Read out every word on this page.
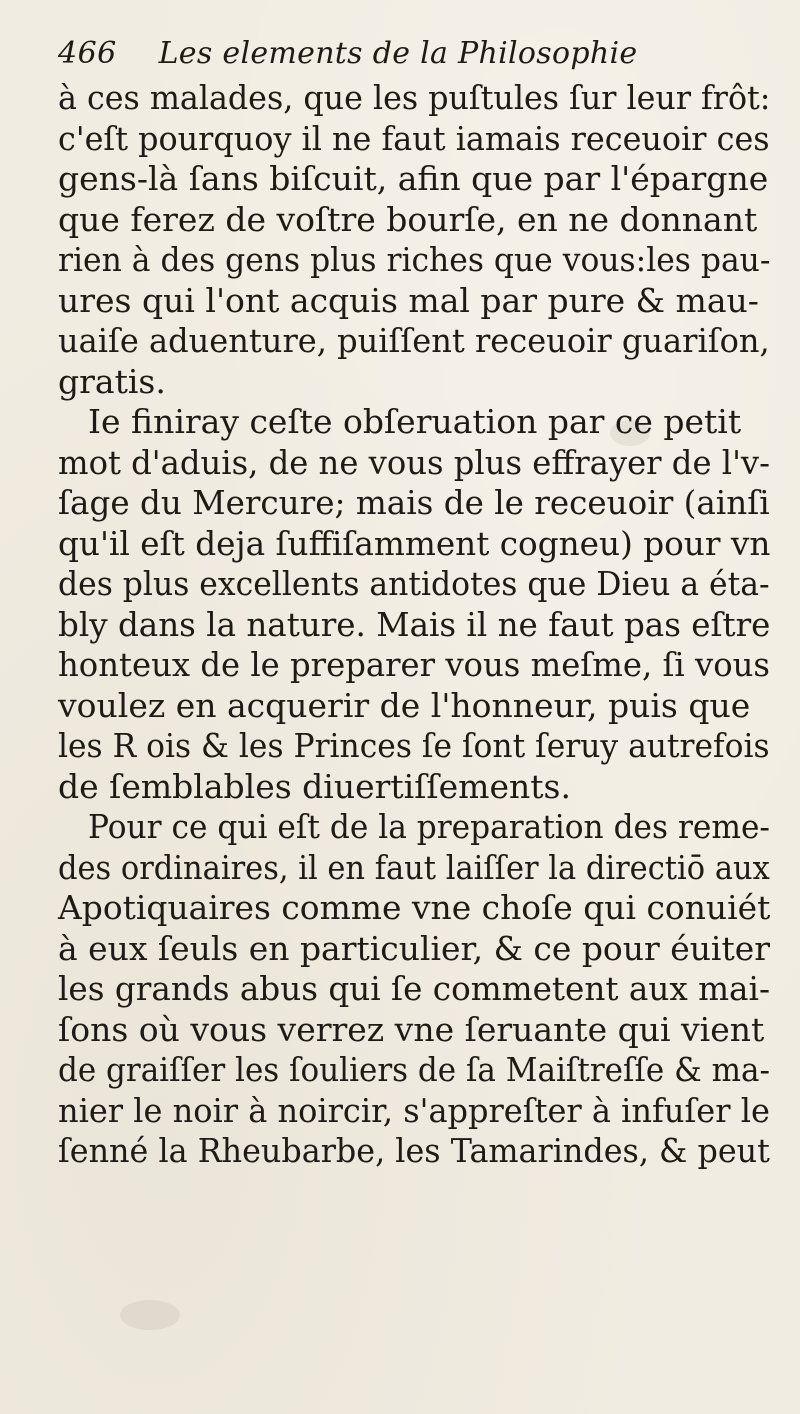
466	Les elements de la Philosophie
à ces malades, que les puſtules ſur leur frôt:
c'eſt pourquoy il ne faut iamais receuoir ces
gens-là ſans biſcuit, afin que par l'épargne
que ferez de voſtre bourſe, en ne donnant
rien à des gens plus riches que vous:les pau-
ures qui l'ont acquis mal par pure & mau-
uaiſe aduenture, puiſſent receuoir guariſon,
gratis.
Ie finiray ceſte obſeruation par ce petit
mot d'aduis, de ne vous plus effrayer de l'v-
ſage du Mercure; mais de le receuoir (ainſi
qu'il eſt deja ſuffiſamment cogneu) pour vn
des plus excellents antidotes que Dieu a éta-
bly dans la nature. Mais il ne faut pas eſtre
honteux de le preparer vous meſme, ſi vous
voulez en acquerir de l'honneur, puis que
les R ois & les Princes ſe ſont ſeruy autrefois
de ſemblables diuertiſſements.
Pour ce qui eſt de la preparation des reme-
des ordinaires, il en faut laiſſer la directiō aux
Apotiquaires comme vne choſe qui conuiét
à eux ſeuls en particulier, & ce pour éuiter
les grands abus qui ſe commetent aux mai-
ſons où vous verrez vne ſeruante qui vient
de graiſſer les ſouliers de ſa Maiſtreſſe & ma-
nier le noir à noircir, s'appreſter à infuſer le
ſenné la Rheubarbe, les Tamarindes, & peut
